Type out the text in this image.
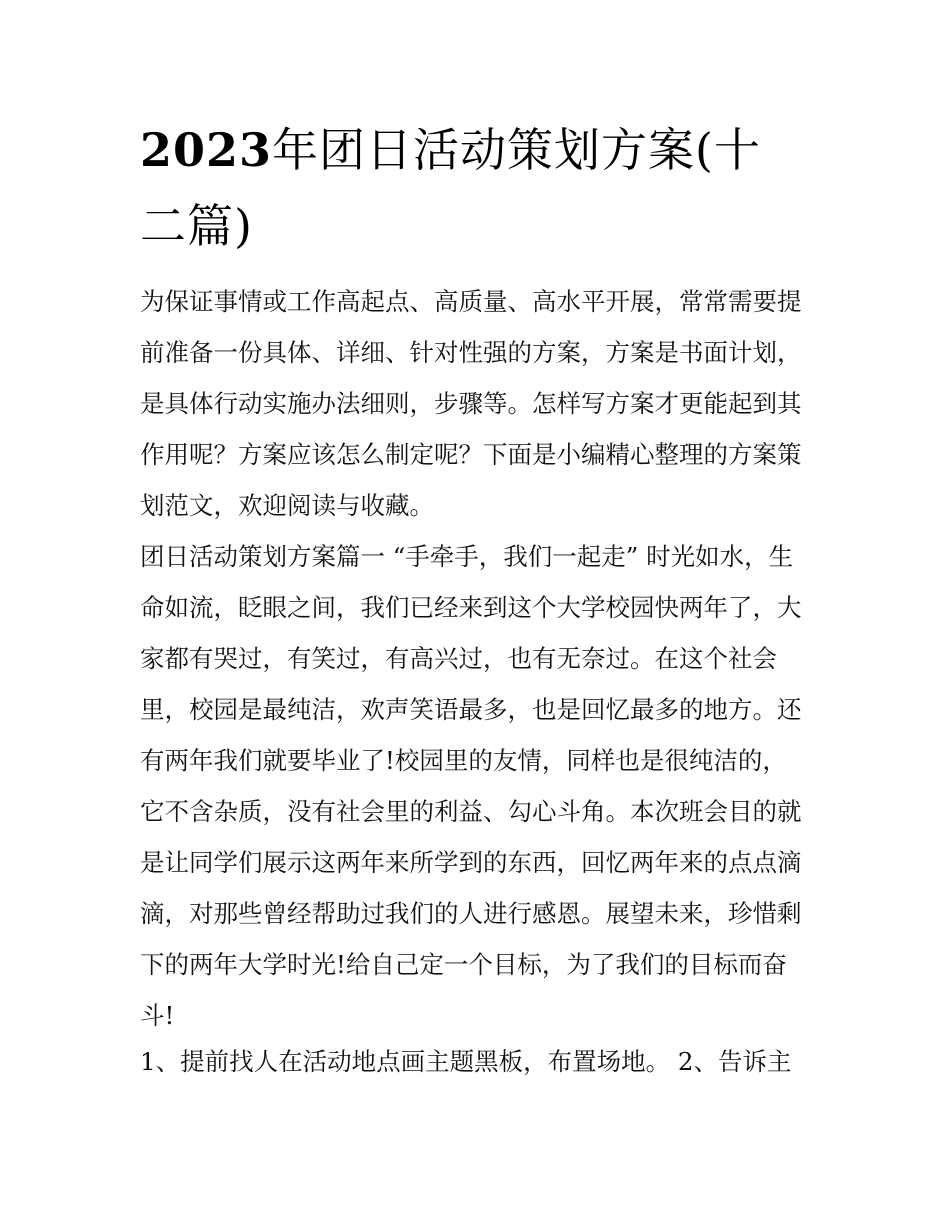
2023年团日活动策划方案(十
二篇)
为保证事情或工作高起点、高质量、高水平开展，常常需要提
前准备一份具体、详细、针对性强的方案，方案是书面计划，
是具体行动实施办法细则，步骤等。怎样写方案才更能起到其
作用呢？方案应该怎么制定呢？下面是小编精心整理的方案策
划范文，欢迎阅读与收藏。
团日活动策划方案篇一 “手牵手，我们一起走” 时光如水，生
命如流，眨眼之间，我们已经来到这个大学校园快两年了，大
家都有哭过，有笑过，有高兴过，也有无奈过。在这个社会
里，校园是最纯洁，欢声笑语最多，也是回忆最多的地方。还
有两年我们就要毕业了!校园里的友情，同样也是很纯洁的，
它不含杂质，没有社会里的利益、勾心斗角。本次班会目的就
是让同学们展示这两年来所学到的东西，回忆两年来的点点滴
滴，对那些曾经帮助过我们的人进行感恩。展望未来，珍惜剩
下的两年大学时光!给自己定一个目标，为了我们的目标而奋
斗!
1、提前找人在活动地点画主题黑板，布置场地。 2、告诉主
